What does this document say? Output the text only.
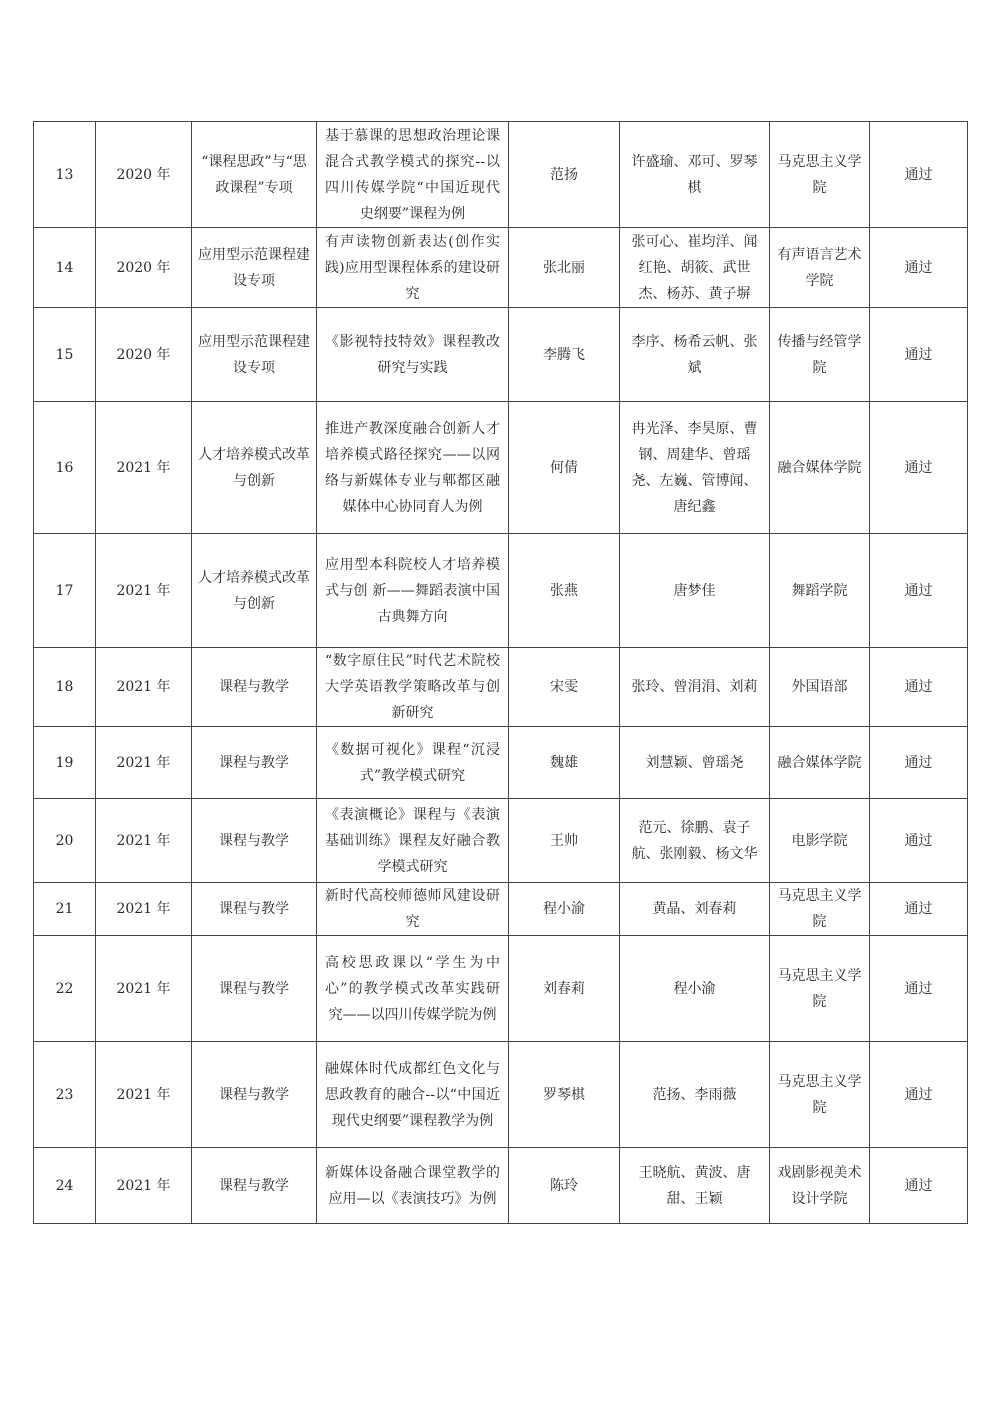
13	2020 年	“课程思政”与“思政课程”专项	基于慕课的思想政治理论课混合式教学模式的探究--以四川传媒学院“中国近现代史纲要”课程为例	范扬	许盛瑜、邓可、罗琴棋	马克思主义学院	通过
14	2020 年	应用型示范课程建设专项	有声读物创新表达(创作实践)应用型课程体系的建设研究	张北丽	张可心、崔均洋、闻红艳、胡筱、武世杰、杨苏、黄子塀	有声语言艺术学院	通过
15	2020 年	应用型示范课程建设专项	《影视特技特效》课程教改研究与实践	李腾飞	李序、杨希云帆、张斌	传播与经管学院	通过
16	2021 年	人才培养模式改革与创新	推进产教深度融合创新人才培养模式路径探究——以网络与新媒体专业与郫都区融媒体中心协同育人为例	何倩	冉光泽、李昊原、曹钢、周建华、曾瑶尧、左巍、管博闻、唐纪鑫	融合媒体学院	通过
17	2021 年	人才培养模式改革与创新	应用型本科院校人才培养模式与创 新——舞蹈表演中国古典舞方向	张燕	唐梦佳	舞蹈学院	通过
18	2021 年	课程与教学	“数字原住民”时代艺术院校大学英语教学策略改革与创新研究	宋雯	张玲、曾涓涓、刘莉	外国语部	通过
19	2021 年	课程与教学	《数据可视化》课程“沉浸式”教学模式研究	魏雄	刘慧颖、曾瑶尧	融合媒体学院	通过
20	2021 年	课程与教学	《表演概论》课程与《表演基础训练》课程友好融合教学模式研究	王帅	范元、徐鹏、袁子航、张刚毅、杨文华	电影学院	通过
21	2021 年	课程与教学	新时代高校师德师风建设研究	程小渝	黄晶、刘春莉	马克思主义学院	通过
22	2021 年	课程与教学	高校思政课以“学生为中心”的教学模式改革实践研究——以四川传媒学院为例	刘春莉	程小渝	马克思主义学院	通过
23	2021 年	课程与教学	融媒体时代成都红色文化与思政教育的融合--以“中国近现代史纲要”课程教学为例	罗琴棋	范扬、李雨薇	马克思主义学院	通过
24	2021 年	课程与教学	新媒体设备融合课堂教学的应用—以《表演技巧》为例	陈玲	王晓航、黄波、唐甜、王颖	戏剧影视美术设计学院	通过
